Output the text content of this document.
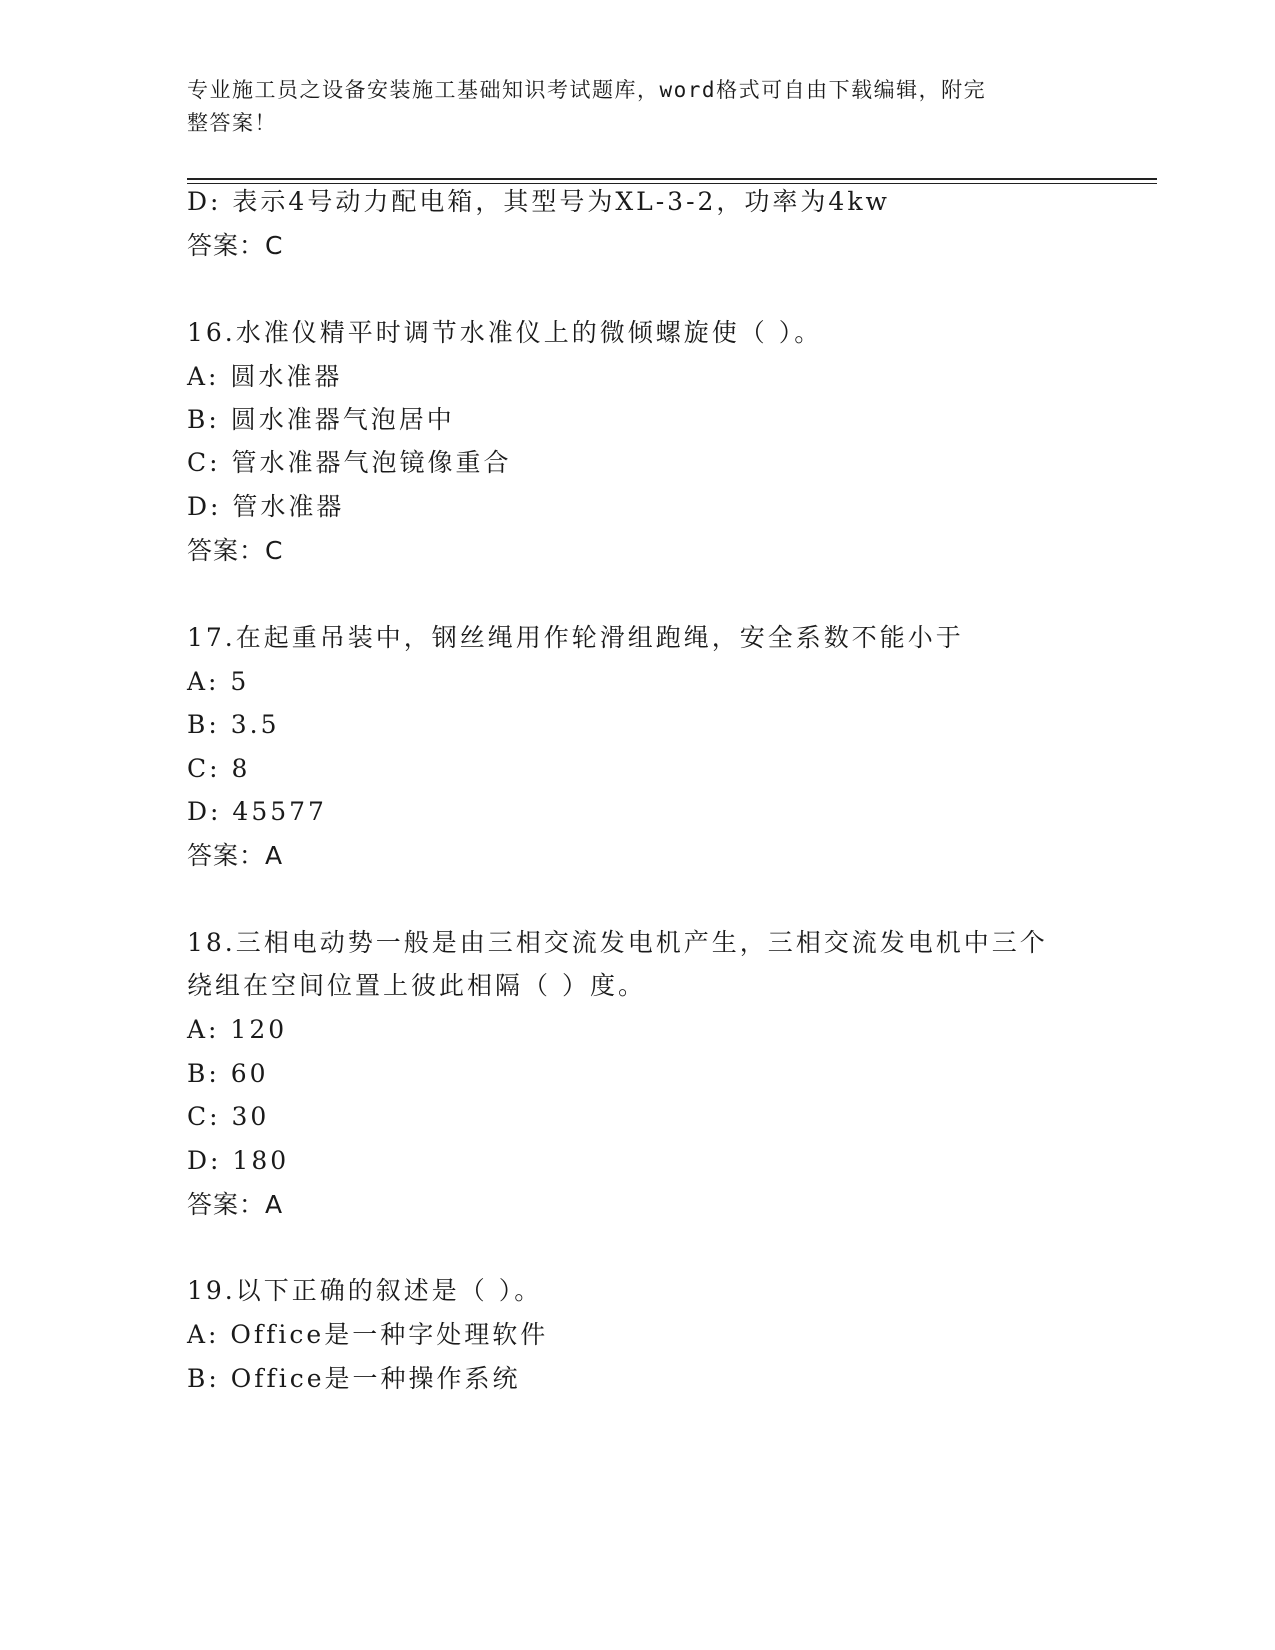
专业施工员之设备安装施工基础知识考试题库，word格式可自由下载编辑，附完
整答案！
D: 表示4号动力配电箱，其型号为XL-3-2，功率为4kw
答案：C
16.水准仪精平时调节水准仪上的微倾螺旋使（ ）。
A: 圆水准器
B: 圆水准器气泡居中
C: 管水准器气泡镜像重合
D: 管水准器
答案：C
17.在起重吊装中，钢丝绳用作轮滑组跑绳，安全系数不能小于
A: 5
B: 3.5
C: 8
D: 45577
答案：A
18.三相电动势一般是由三相交流发电机产生，三相交流发电机中三个
绕组在空间位置上彼此相隔（ ）度。
A: 120
B: 60
C: 30
D: 180
答案：A
19.以下正确的叙述是（ ）。
A: Office是一种字处理软件
B: Office是一种操作系统
